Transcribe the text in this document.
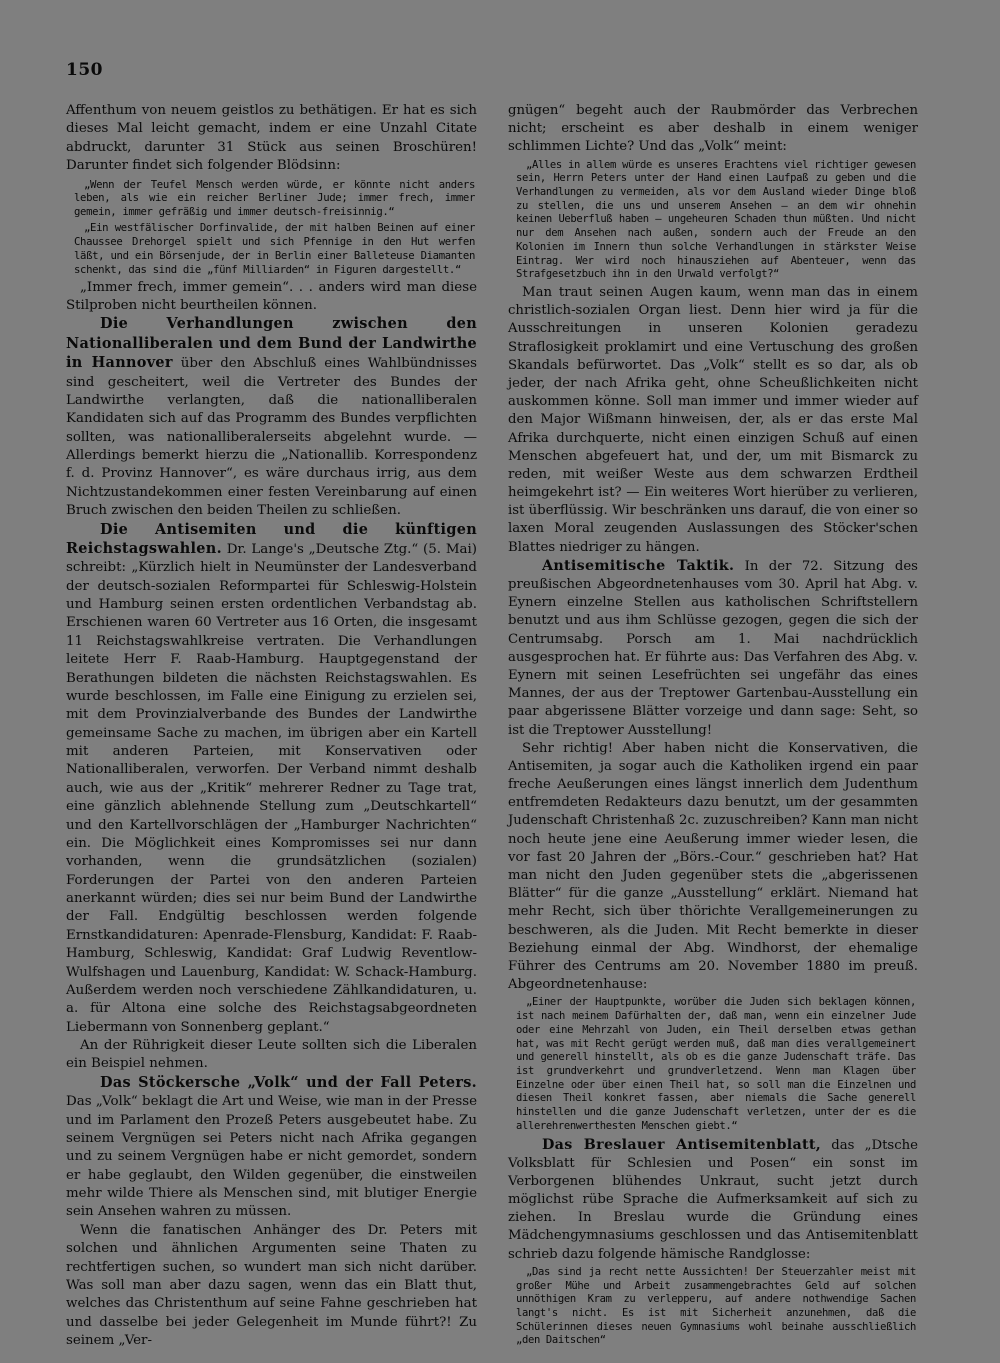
150

Affenthum von neuem geistlos zu bethätigen. Er hat es sich dieses Mal leicht gemacht, indem er eine Unzahl Citate abdruckt, darunter 31 Stück aus seinen Broschüren! Darunter findet sich folgender Blödsinn:

„Wenn der Teufel Mensch werden würde, er könnte nicht anders leben, als wie ein reicher Berliner Jude; immer frech, immer gemein, immer gefräßig und immer deutsch-freisinnig.“

„Ein westfälischer Dorfinvalide, der mit halben Beinen auf einer Chaussee Drehorgel spielt und sich Pfennige in den Hut werfen läßt, und ein Börsenjude, der in Berlin einer Balleteuse Diamanten schenkt, das sind die „fünf Milliarden“ in Figuren dargestellt.“

„Immer frech, immer gemein“. . . anders wird man diese Stilproben nicht beurtheilen können.

Die Verhandlungen zwischen den Nationalliberalen und dem Bund der Landwirthe in Hannover über den Abschluß eines Wahlbündnisses sind gescheitert, weil die Vertreter des Bundes der Landwirthe verlangten, daß die nationalliberalen Kandidaten sich auf das Programm des Bundes verpflichten sollten, was nationalliberalerseits abgelehnt wurde. — Allerdings bemerkt hierzu die „Nationallib. Korrespondenz f. d. Provinz Hannover“, es wäre durchaus irrig, aus dem Nichtzustandekommen einer festen Vereinbarung auf einen Bruch zwischen den beiden Theilen zu schließen.

Die Antisemiten und die künftigen Reichstagswahlen. Dr. Lange's „Deutsche Ztg.“ (5. Mai) schreibt: „Kürzlich hielt in Neumünster der Landesverband der deutsch-sozialen Reformpartei für Schleswig-Holstein und Hamburg seinen ersten ordentlichen Verbandstag ab. Erschienen waren 60 Vertreter aus 16 Orten, die insgesamt 11 Reichstagswahlkreise vertraten. Die Verhandlungen leitete Herr F. Raab-Hamburg. Hauptgegenstand der Berathungen bildeten die nächsten Reichstagswahlen. Es wurde beschlossen, im Falle eine Einigung zu erzielen sei, mit dem Provinzialverbande des Bundes der Landwirthe gemeinsame Sache zu machen, im übrigen aber ein Kartell mit anderen Parteien, mit Konservativen oder Nationalliberalen, verworfen. Der Verband nimmt deshalb auch, wie aus der „Kritik“ mehrerer Redner zu Tage trat, eine gänzlich ablehnende Stellung zum „Deutschkartell“ und den Kartellvorschlägen der „Hamburger Nachrichten“ ein. Die Möglichkeit eines Kompromisses sei nur dann vorhanden, wenn die grundsätzlichen (sozialen) Forderungen der Partei von den anderen Parteien anerkannt würden; dies sei nur beim Bund der Landwirthe der Fall. Endgültig beschlossen werden folgende Ernstkandidaturen: Apenrade-Flensburg, Kandidat: F. Raab-Hamburg, Schleswig, Kandidat: Graf Ludwig Reventlow-Wulfshagen und Lauenburg, Kandidat: W. Schack-Hamburg. Außerdem werden noch verschiedene Zählkandidaturen, u. a. für Altona eine solche des Reichstagsabgeordneten Liebermann von Sonnenberg geplant.“

An der Rührigkeit dieser Leute sollten sich die Liberalen ein Beispiel nehmen.

Das Stöckersche „Volk“ und der Fall Peters. Das „Volk“ beklagt die Art und Weise, wie man in der Presse und im Parlament den Prozeß Peters ausgebeutet habe. Zu seinem Vergnügen sei Peters nicht nach Afrika gegangen und zu seinem Vergnügen habe er nicht gemordet, sondern er habe geglaubt, den Wilden gegenüber, die einstweilen mehr wilde Thiere als Menschen sind, mit blutiger Energie sein Ansehen wahren zu müssen.

Wenn die fanatischen Anhänger des Dr. Peters mit solchen und ähnlichen Argumenten seine Thaten zu rechtfertigen suchen, so wundert man sich nicht darüber. Was soll man aber dazu sagen, wenn das ein Blatt thut, welches das Christenthum auf seine Fahne geschrieben hat und dasselbe bei jeder Gelegenheit im Munde führt?! Zu seinem „Ver-

gnügen“ begeht auch der Raubmörder das Verbrechen nicht; erscheint es aber deshalb in einem weniger schlimmen Lichte? Und das „Volk“ meint:

„Alles in allem würde es unseres Erachtens viel richtiger gewesen sein, Herrn Peters unter der Hand einen Laufpaß zu geben und die Verhandlungen zu vermeiden, als vor dem Ausland wieder Dinge bloß zu stellen, die uns und unserem Ansehen — an dem wir ohnehin keinen Ueberfluß haben — ungeheuren Schaden thun müßten. Und nicht nur dem Ansehen nach außen, sondern auch der Freude an den Kolonien im Innern thun solche Verhandlungen in stärkster Weise Eintrag. Wer wird noch hinausziehen auf Abenteuer, wenn das Strafgesetzbuch ihn in den Urwald verfolgt?“

Man traut seinen Augen kaum, wenn man das in einem christlich-sozialen Organ liest. Denn hier wird ja für die Ausschreitungen in unseren Kolonien geradezu Straflosigkeit proklamirt und eine Vertuschung des großen Skandals befürwortet. Das „Volk“ stellt es so dar, als ob jeder, der nach Afrika geht, ohne Scheußlichkeiten nicht auskommen könne. Soll man immer und immer wieder auf den Major Wißmann hinweisen, der, als er das erste Mal Afrika durchquerte, nicht einen einzigen Schuß auf einen Menschen abgefeuert hat, und der, um mit Bismarck zu reden, mit weißer Weste aus dem schwarzen Erdtheil heimgekehrt ist? — Ein weiteres Wort hierüber zu verlieren, ist überflüssig. Wir beschränken uns darauf, die von einer so laxen Moral zeugenden Auslassungen des Stöcker'schen Blattes niedriger zu hängen.

Antisemitische Taktik. In der 72. Sitzung des preußischen Abgeordnetenhauses vom 30. April hat Abg. v. Eynern einzelne Stellen aus katholischen Schriftstellern benutzt und aus ihm Schlüsse gezogen, gegen die sich der Centrumsabg. Porsch am 1. Mai nachdrücklich ausgesprochen hat. Er führte aus: Das Verfahren des Abg. v. Eynern mit seinen Lesefrüchten sei ungefähr das eines Mannes, der aus der Treptower Gartenbau-Ausstellung ein paar abgerissene Blätter vorzeige und dann sage: Seht, so ist die Treptower Ausstellung!

Sehr richtig! Aber haben nicht die Konservativen, die Antisemiten, ja sogar auch die Katholiken irgend ein paar freche Aeußerungen eines längst innerlich dem Judenthum entfremdeten Redakteurs dazu benutzt, um der gesammten Judenschaft Christenhaß 2c. zuzuschreiben? Kann man nicht noch heute jene eine Aeußerung immer wieder lesen, die vor fast 20 Jahren der „Börs.-Cour.“ geschrieben hat? Hat man nicht den Juden gegenüber stets die „abgerissenen Blätter“ für die ganze „Ausstellung“ erklärt. Niemand hat mehr Recht, sich über thörichte Verallgemeinerungen zu beschweren, als die Juden. Mit Recht bemerkte in dieser Beziehung einmal der Abg. Windhorst, der ehemalige Führer des Centrums am 20. November 1880 im preuß. Abgeordnetenhause:

„Einer der Hauptpunkte, worüber die Juden sich beklagen können, ist nach meinem Dafürhalten der, daß man, wenn ein einzelner Jude oder eine Mehrzahl von Juden, ein Theil derselben etwas gethan hat, was mit Recht gerügt werden muß, daß man dies verallgemeinert und generell hinstellt, als ob es die ganze Judenschaft träfe. Das ist grundverkehrt und grundverletzend. Wenn man Klagen über Einzelne oder über einen Theil hat, so soll man die Einzelnen und diesen Theil konkret fassen, aber niemals die Sache generell hinstellen und die ganze Judenschaft verletzen, unter der es die allerehrenwerthesten Menschen giebt.“

Das Breslauer Antisemitenblatt, das „Dtsche Volksblatt für Schlesien und Posen“ ein sonst im Verborgenen blühendes Unkraut, sucht jetzt durch möglichst rübe Sprache die Aufmerksamkeit auf sich zu ziehen. In Breslau wurde die Gründung eines Mädchengymnasiums geschlossen und das Antisemitenblatt schrieb dazu folgende hämische Randglosse:

„Das sind ja recht nette Aussichten! Der Steuerzahler meist mit großer Mühe und Arbeit zusammengebrachtes Geld auf solchen unnöthigen Kram zu verlepperu, auf andere nothwendige Sachen langt's nicht. Es ist mit Sicherheit anzunehmen, daß die Schülerinnen dieses neuen Gymnasiums wohl beinahe ausschließlich „den Daitschen“
